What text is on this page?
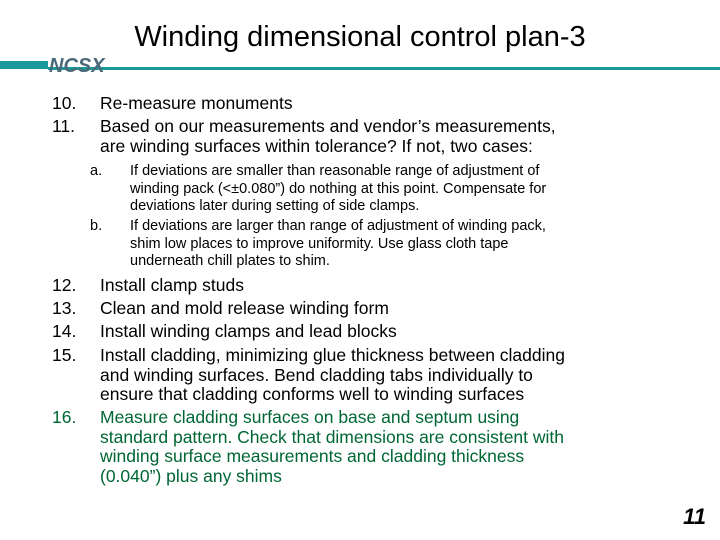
Winding dimensional control plan-3
NCSX
10. Re-measure monuments
11. Based on our measurements and vendor’s measurements,
are winding surfaces within tolerance? If not, two cases:
a. If deviations are smaller than reasonable range of adjustment of
winding pack (<±0.080”) do nothing at this point. Compensate for
deviations later during setting of side clamps.
b. If deviations are larger than range of adjustment of winding pack,
shim low places to improve uniformity. Use glass cloth tape
underneath chill plates to shim.
12. Install clamp studs
13. Clean and mold release winding form
14. Install winding clamps and lead blocks
15. Install cladding, minimizing glue thickness between cladding
and winding surfaces. Bend cladding tabs individually to
ensure that cladding conforms well to winding surfaces
16. Measure cladding surfaces on base and septum using
standard pattern. Check that dimensions are consistent with
winding surface measurements and cladding thickness
(0.040”) plus any shims
11
